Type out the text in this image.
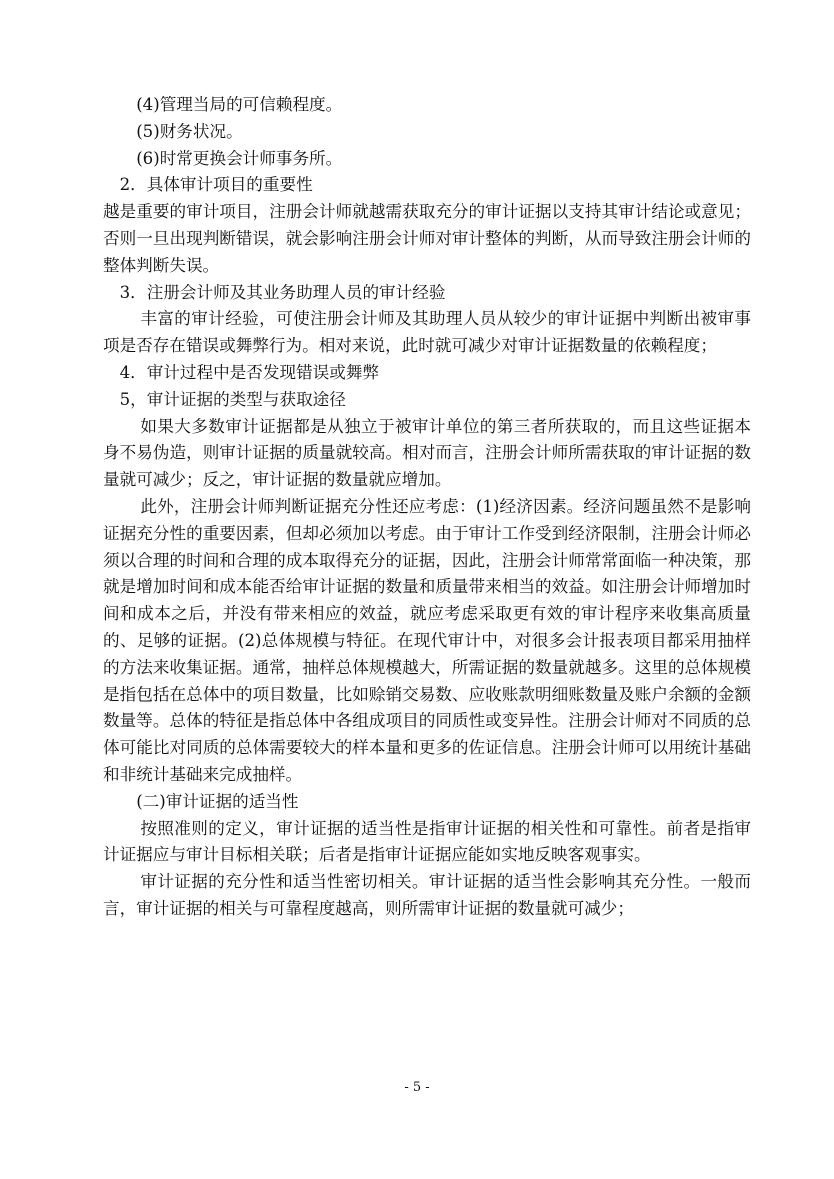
(4)管理当局的可信赖程度。

(5)财务状况。

(6)时常更换会计师事务所。

2．具体审计项目的重要性

越是重要的审计项目，注册会计师就越需获取充分的审计证据以支持其审计结论或意见；否则一旦出现判断错误，就会影响注册会计师对审计整体的判断，从而导致注册会计师的整体判断失误。

3．注册会计师及其业务助理人员的审计经验

丰富的审计经验，可使注册会计师及其助理人员从较少的审计证据中判断出被审事项是否存在错误或舞弊行为。相对来说，此时就可减少对审计证据数量的依赖程度；

4．审计过程中是否发现错误或舞弊

5，审计证据的类型与获取途径

如果大多数审计证据都是从独立于被审计单位的第三者所获取的，而且这些证据本身不易伪造，则审计证据的质量就较高。相对而言，注册会计师所需获取的审计证据的数量就可减少；反之，审计证据的数量就应增加。

此外，注册会计师判断证据充分性还应考虑：(1)经济因素。经济问题虽然不是影响证据充分性的重要因素，但却必须加以考虑。由于审计工作受到经济限制，注册会计师必须以合理的时间和合理的成本取得充分的证据，因此，注册会计师常常面临一种决策，那就是增加时间和成本能否给审计证据的数量和质量带来相当的效益。如注册会计师增加时间和成本之后，并没有带来相应的效益，就应考虑采取更有效的审计程序来收集高质量的、足够的证据。(2)总体规模与特征。在现代审计中，对很多会计报表项目都采用抽样的方法来收集证据。通常，抽样总体规模越大，所需证据的数量就越多。这里的总体规模是指包括在总体中的项目数量，比如赊销交易数、应收账款明细账数量及账户余额的金额数量等。总体的特征是指总体中各组成项目的同质性或变异性。注册会计师对不同质的总体可能比对同质的总体需要较大的样本量和更多的佐证信息。注册会计师可以用统计基础和非统计基础来完成抽样。

(二)审计证据的适当性

按照准则的定义，审计证据的适当性是指审计证据的相关性和可靠性。前者是指审计证据应与审计目标相关联；后者是指审计证据应能如实地反映客观事实。

审计证据的充分性和适当性密切相关。审计证据的适当性会影响其充分性。一般而言，审计证据的相关与可靠程度越高，则所需审计证据的数量就可减少；

- 5 -
